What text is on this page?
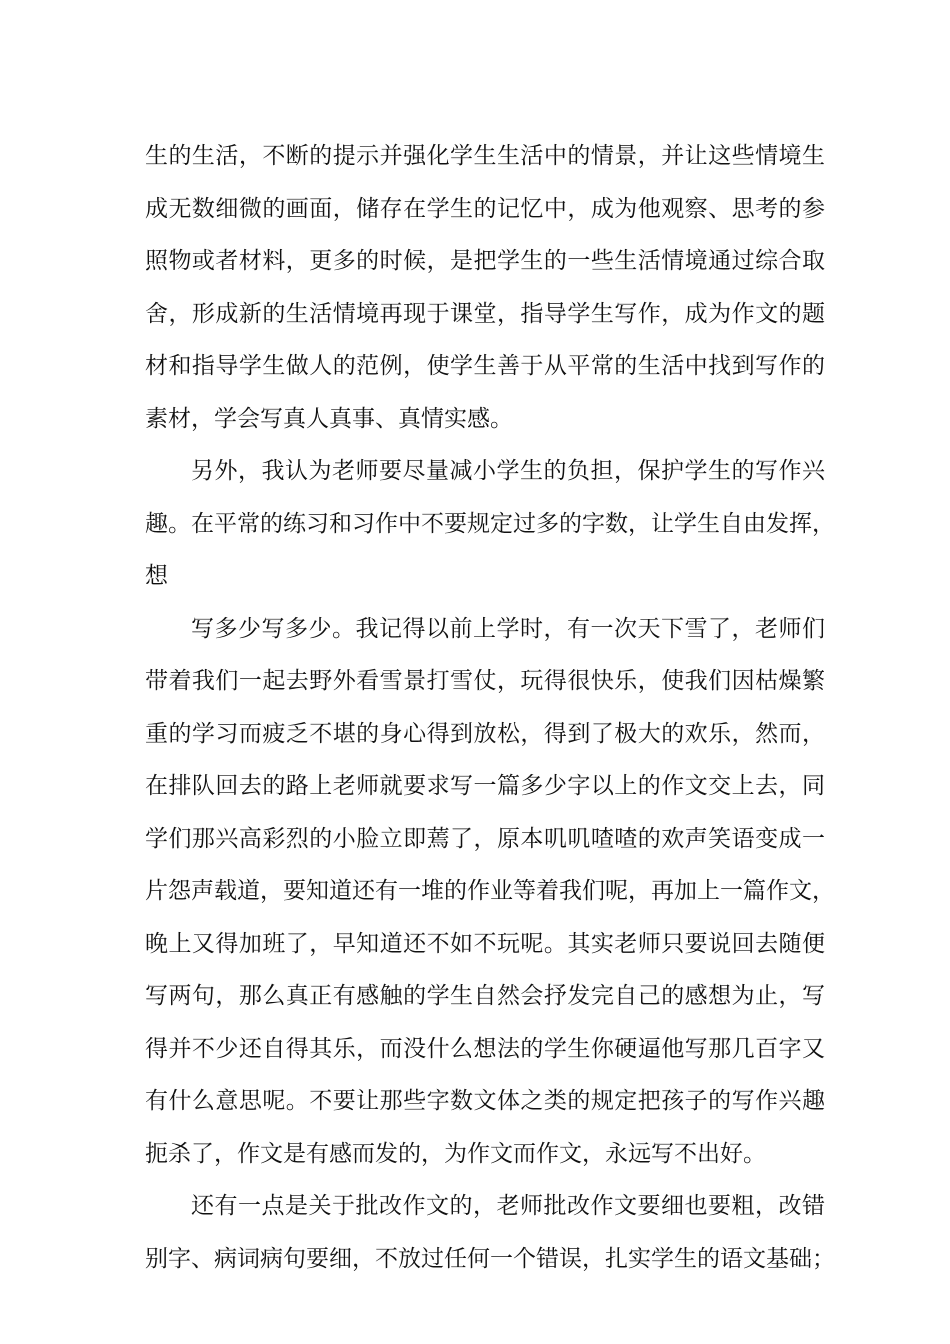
生的生活，不断的提示并强化学生生活中的情景，并让这些情境生
成无数细微的画面，储存在学生的记忆中，成为他观察、思考的参
照物或者材料，更多的时候，是把学生的一些生活情境通过综合取
舍，形成新的生活情境再现于课堂，指导学生写作，成为作文的题
材和指导学生做人的范例，使学生善于从平常的生活中找到写作的
素材，学会写真人真事、真情实感。
另外，我认为老师要尽量减小学生的负担，保护学生的写作兴
趣。在平常的练习和习作中不要规定过多的字数，让学生自由发挥，
想
写多少写多少。我记得以前上学时，有一次天下雪了，老师们
带着我们一起去野外看雪景打雪仗，玩得很快乐，使我们因枯燥繁
重的学习而疲乏不堪的身心得到放松，得到了极大的欢乐，然而，
在排队回去的路上老师就要求写一篇多少字以上的作文交上去，同
学们那兴高彩烈的小脸立即蔫了，原本叽叽喳喳的欢声笑语变成一
片怨声载道，要知道还有一堆的作业等着我们呢，再加上一篇作文，
晚上又得加班了，早知道还不如不玩呢。其实老师只要说回去随便
写两句，那么真正有感触的学生自然会抒发完自己的感想为止，写
得并不少还自得其乐，而没什么想法的学生你硬逼他写那几百字又
有什么意思呢。不要让那些字数文体之类的规定把孩子的写作兴趣
扼杀了，作文是有感而发的，为作文而作文，永远写不出好。
还有一点是关于批改作文的，老师批改作文要细也要粗，改错
别字、病词病句要细，不放过任何一个错误，扎实学生的语文基础；
